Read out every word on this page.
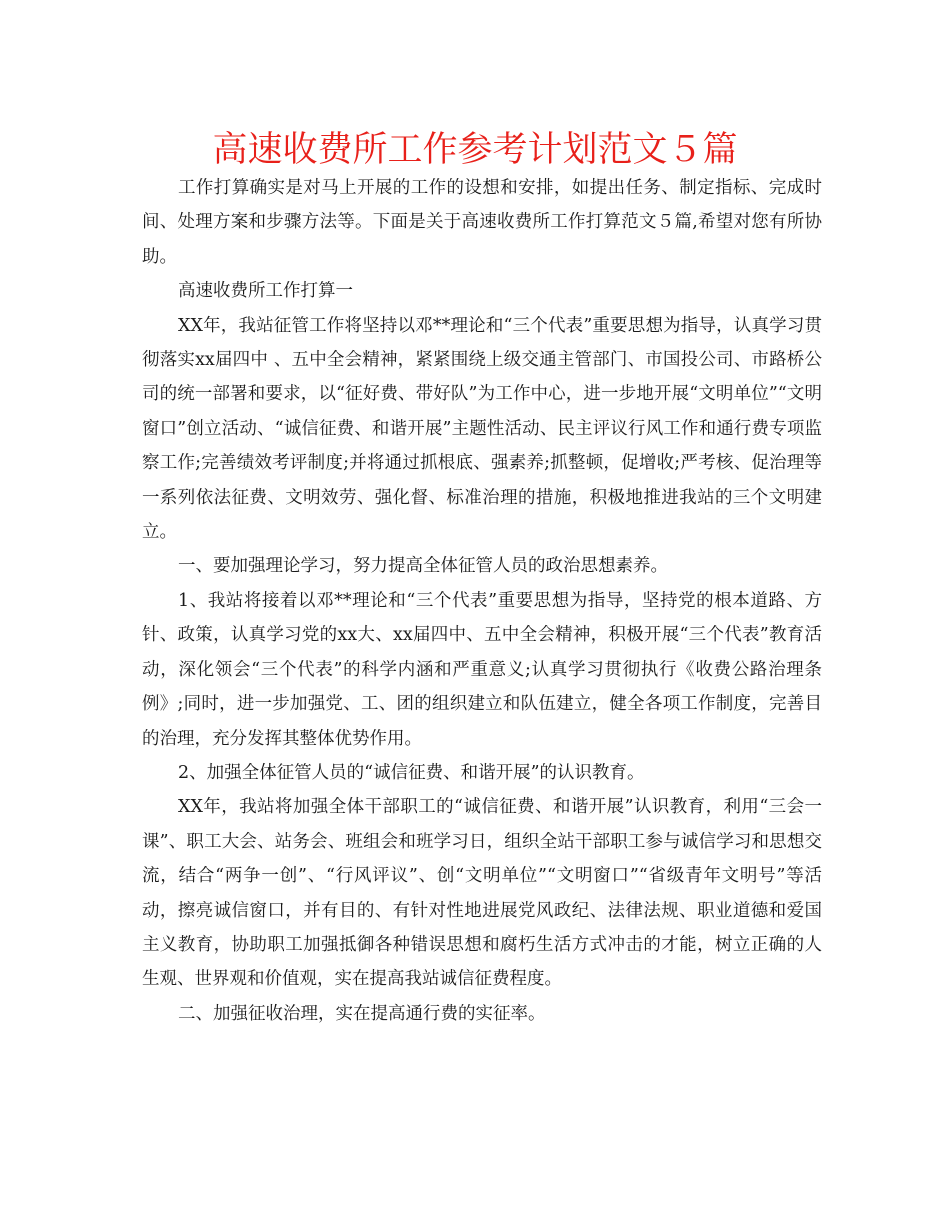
高速收费所工作参考计划范文５篇

工作打算确实是对马上开展的工作的设想和安排，如提出任务、制定指标、完成时间、处理方案和步骤方法等。下面是关于高速收费所工作打算范文５篇,希望对您有所协助。

高速收费所工作打算一

XX年，我站征管工作将坚持以邓**理论和“三个代表”重要思想为指导，认真学习贯彻落实xx届四中 、五中全会精神，紧紧围绕上级交通主管部门、市国投公司、市路桥公司的统一部署和要求，以“征好费、带好队”为工作中心，进一步地开展“文明单位”“文明窗口”创立活动、“诚信征费、和谐开展”主题性活动、民主评议行风工作和通行费专项监察工作;完善绩效考评制度;并将通过抓根底、强素养;抓整顿，促增收;严考核、促治理等一系列依法征费、文明效劳、强化督、标准治理的措施，积极地推进我站的三个文明建立。

一、要加强理论学习，努力提高全体征管人员的政治思想素养。

1、我站将接着以邓**理论和“三个代表”重要思想为指导，坚持党的根本道路、方针、政策，认真学习党的xx大、xx届四中、五中全会精神，积极开展“三个代表”教育活动，深化领会“三个代表”的科学内涵和严重意义;认真学习贯彻执行《收费公路治理条例》;同时，进一步加强党、工、团的组织建立和队伍建立，健全各项工作制度，完善目的治理，充分发挥其整体优势作用。

2、加强全体征管人员的“诚信征费、和谐开展”的认识教育。

XX年，我站将加强全体干部职工的“诚信征费、和谐开展”认识教育，利用“三会一课”、职工大会、站务会、班组会和班学习日，组织全站干部职工参与诚信学习和思想交流，结合“两争一创”、“行风评议”、创“文明单位”“文明窗口”“省级青年文明号”等活动，擦亮诚信窗口，并有目的、有针对性地进展党风政纪、法律法规、职业道德和爱国主义教育，协助职工加强抵御各种错误思想和腐朽生活方式冲击的才能，树立正确的人生观、世界观和价值观，实在提高我站诚信征费程度。

二、加强征收治理，实在提高通行费的实征率。
